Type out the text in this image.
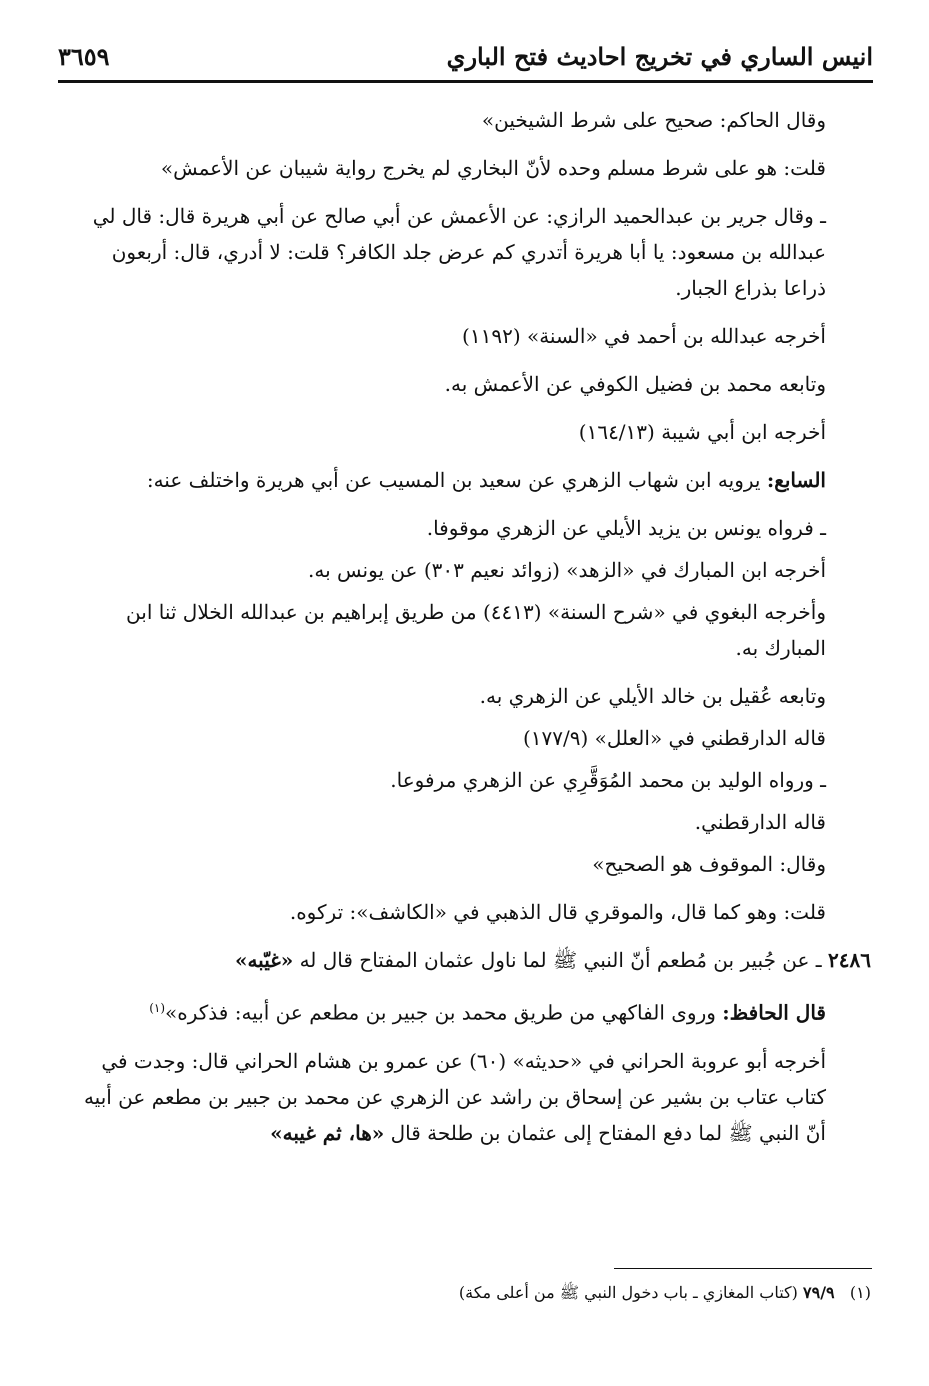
انيس الساري في تخريج احاديث فتح الباري
٣٦٥٩

وقال الحاكم: صحيح على شرط الشيخين»

قلت: هو على شرط مسلم وحده لأنّ البخاري لم يخرج رواية شيبان عن الأعمش»

ـ وقال جرير بن عبدالحميد الرازي: عن الأعمش عن أبي صالح عن أبي هريرة قال: قال لي عبدالله بن مسعود: يا أبا هريرة أتدري كم عرض جلد الكافر؟ قلت: لا أدري، قال: أربعون ذراعا بذراع الجبار.

أخرجه عبدالله بن أحمد في «السنة» (١١٩٢)

وتابعه محمد بن فضيل الكوفي عن الأعمش به.

أخرجه ابن أبي شيبة (١٦٤/١٣)

السابع: يرويه ابن شهاب الزهري عن سعيد بن المسيب عن أبي هريرة واختلف عنه:

ـ فرواه يونس بن يزيد الأيلي عن الزهري موقوفا.

أخرجه ابن المبارك في «الزهد» (زوائد نعيم ٣٠٣) عن يونس به.

وأخرجه البغوي في «شرح السنة» (٤٤١٣) من طريق إبراهيم بن عبدالله الخلال ثنا ابن المبارك به.

وتابعه عُقيل بن خالد الأيلي عن الزهري به.

قاله الدارقطني في «العلل» (١٧٧/٩)

ـ ورواه الوليد بن محمد المُوَقَّرِي عن الزهري مرفوعا.

قاله الدارقطني.

وقال: الموقوف هو الصحيح»

قلت: وهو كما قال، والموقري قال الذهبي في «الكاشف»: تركوه.

٢٤٨٦ ـ عن جُبير بن مُطعم أنّ النبي ﷺ لما ناول عثمان المفتاح قال له «غيّبه»

قال الحافظ: وروى الفاكهي من طريق محمد بن جبير بن مطعم عن أبيه: فذكره»$^{(١)}$

أخرجه أبو عروبة الحراني في «حديثه» (٦٠) عن عمرو بن هشام الحراني قال: وجدت في كتاب عتاب بن بشير عن إسحاق بن راشد عن الزهري عن محمد بن جبير بن مطعم عن أبيه أنّ النبي ﷺ لما دفع المفتاح إلى عثمان بن طلحة قال «ها، ثم غيبه»

(١)   ٧٩/٩ (كتاب المغازي ـ باب دخول النبي ﷺ من أعلى مكة)
